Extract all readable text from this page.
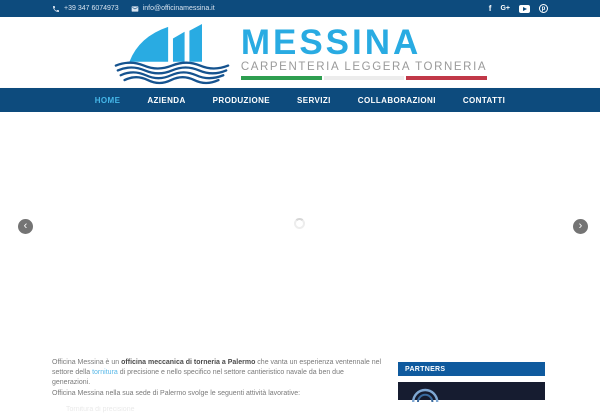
+39 347 6074973	info@officinamessina.it	f G+	p
MESSINA
CARPENTERIA LEGGERA TORNERIA
HOME	AZIENDA	PRODUZIONE	SERVIZI	COLLABORAZIONI	CONTATTI
‹	›
Officina Messina è un officina meccanica di torneria a Palermo che vanta un esperienza ventennale nel settore della tornitura di precisione e nello specifico nel settore cantieristico navale da ben due generazioni.
Officina Messina nella sua sede di Palermo svolge le seguenti attività lavorative:
Tornitura di precisione
PARTNERS
